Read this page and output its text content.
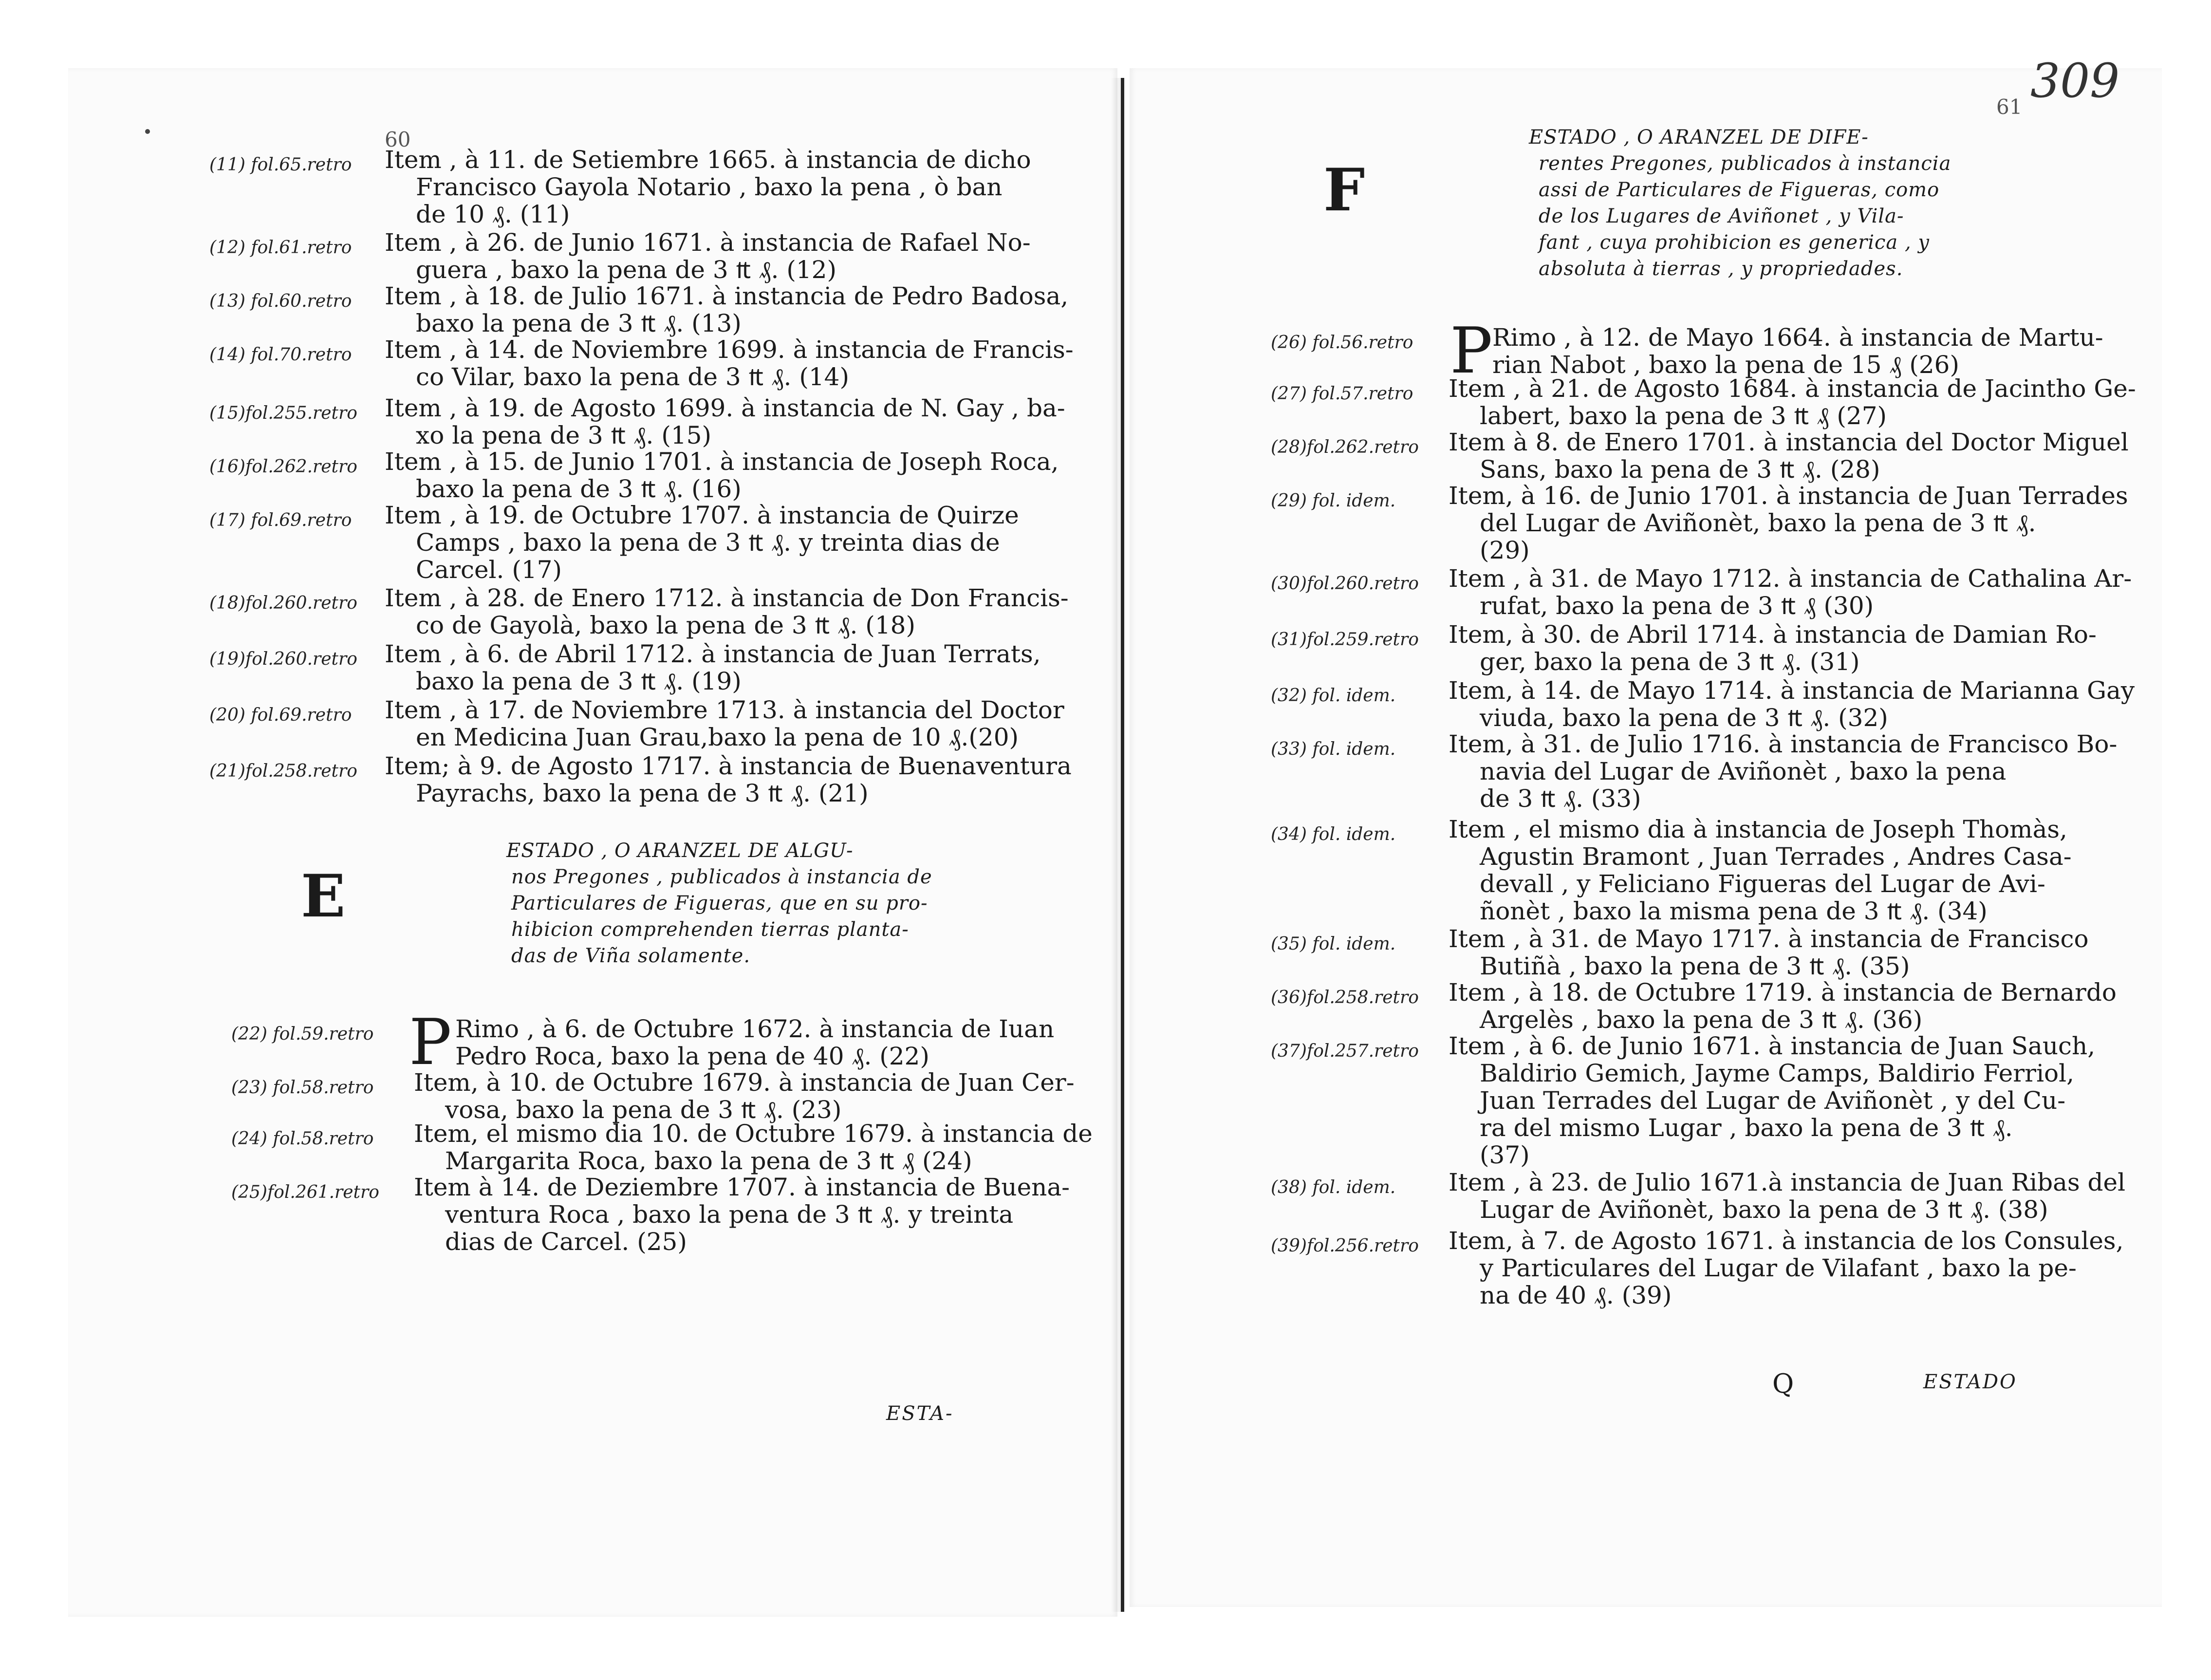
60
(11) fol.65.retro Item , à 11. de Setiembre 1665. à instancia de dicho
Francisco Gayola Notario , baxo la pena , ò ban
de 10 ₰. (11)
(12) fol.61.retro Item , à 26. de Junio 1671. à instancia de Rafael No-
guera , baxo la pena de 3 ₶ ₰. (12)
(13) fol.60.retro Item , à 18. de Julio 1671. à instancia de Pedro Badosa,
baxo la pena de 3 ₶ ₰. (13)
(14) fol.70.retro Item , à 14. de Noviembre 1699. à instancia de Francis-
co Vilar, baxo la pena de 3 ₶ ₰. (14)
(15)fol.255.retro Item , à 19. de Agosto 1699. à instancia de N. Gay , ba-
xo la pena de 3 ₶ ₰. (15)
(16)fol.262.retro Item , à 15. de Junio 1701. à instancia de Joseph Roca,
baxo la pena de 3 ₶ ₰. (16)
(17) fol.69.retro Item , à 19. de Octubre 1707. à instancia de Quirze
Camps , baxo la pena de 3 ₶ ₰. y treinta dias de
Carcel. (17)
(18)fol.260.retro Item , à 28. de Enero 1712. à instancia de Don Francis-
co de Gayolà, baxo la pena de 3 ₶ ₰. (18)
(19)fol.260.retro Item , à 6. de Abril 1712. à instancia de Juan Terrats,
baxo la pena de 3 ₶ ₰. (19)
(20) fol.69.retro Item , à 17. de Noviembre 1713. à instancia del Doctor
en Medicina Juan Grau,baxo la pena de 10 ₰.(20)
(21)fol.258.retro Item; à 9. de Agosto 1717. à instancia de Buenaventura
Payrachs, baxo la pena de 3 ₶ ₰. (21)
E
ESTADO , O ARANZEL DE ALGU-
nos Pregones , publicados à instancia de
Particulares de Figueras, que en su pro-
hibicion comprehenden tierras planta-
das de Viña solamente.
P
(22) fol.59.retro	Rimo , à 6. de Octubre 1672. à instancia de Iuan
Pedro Roca, baxo la pena de 40 ₰. (22)
(23) fol.58.retro Item, à 10. de Octubre 1679. à instancia de Juan Cer-
vosa, baxo la pena de 3 ₶ ₰. (23)
(24) fol.58.retro Item, el mismo dia 10. de Octubre 1679. à instancia de
Margarita Roca, baxo la pena de 3 ₶ ₰ (24)
(25)fol.261.retro Item à 14. de Deziembre 1707. à instancia de Buena-
ventura Roca , baxo la pena de 3 ₶ ₰. y treinta
dias de Carcel. (25)
ESTA-
61 309
F
ESTADO , O ARANZEL DE DIFE-
rentes Pregones, publicados à instancia
assi de Particulares de Figueras, como
de los Lugares de Aviñonet , y Vila-
fant , cuya prohibicion es generica , y
absoluta à tierras , y propriedades.
P
(26) fol.56.retro	Rimo , à 12. de Mayo 1664. à instancia de Martu-
rian Nabot , baxo la pena de 15 ₰ (26)
(27) fol.57.retro Item , à 21. de Agosto 1684. à instancia de Jacintho Ge-
labert, baxo la pena de 3 ₶ ₰ (27)
(28)fol.262.retro Item à 8. de Enero 1701. à instancia del Doctor Miguel
Sans, baxo la pena de 3 ₶ ₰. (28)
(29) fol. idem. Item, à 16. de Junio 1701. à instancia de Juan Terrades
del Lugar de Aviñonèt, baxo la pena de 3 ₶ ₰.
(29)
(30)fol.260.retro Item , à 31. de Mayo 1712. à instancia de Cathalina Ar-
rufat, baxo la pena de 3 ₶ ₰ (30)
(31)fol.259.retro Item, à 30. de Abril 1714. à instancia de Damian Ro-
ger, baxo la pena de 3 ₶ ₰. (31)
(32) fol. idem. Item, à 14. de Mayo 1714. à instancia de Marianna Gay
viuda, baxo la pena de 3 ₶ ₰. (32)
(33) fol. idem. Item, à 31. de Julio 1716. à instancia de Francisco Bo-
navia del Lugar de Aviñonèt , baxo la pena
de 3 ₶ ₰. (33)
(34) fol. idem. Item , el mismo dia à instancia de Joseph Thomàs,
Agustin Bramont , Juan Terrades , Andres Casa-
devall , y Feliciano Figueras del Lugar de Avi-
ñonèt , baxo la misma pena de 3 ₶ ₰. (34)
(35) fol. idem. Item , à 31. de Mayo 1717. à instancia de Francisco
Butiñà , baxo la pena de 3 ₶ ₰. (35)
(36)fol.258.retro Item , à 18. de Octubre 1719. à instancia de Bernardo
Argelès , baxo la pena de 3 ₶ ₰. (36)
(37)fol.257.retro Item , à 6. de Junio 1671. à instancia de Juan Sauch,
Baldirio Gemich, Jayme Camps, Baldirio Ferriol,
Juan Terrades del Lugar de Aviñonèt , y del Cu-
ra del mismo Lugar , baxo la pena de 3 ₶ ₰.
(37)
(38) fol. idem. Item , à 23. de Julio 1671.à instancia de Juan Ribas del
Lugar de Aviñonèt, baxo la pena de 3 ₶ ₰. (38)
(39)fol.256.retro Item, à 7. de Agosto 1671. à instancia de los Consules,
y Particulares del Lugar de Vilafant , baxo la pe-
na de 40 ₰. (39)
Q	ESTADO
